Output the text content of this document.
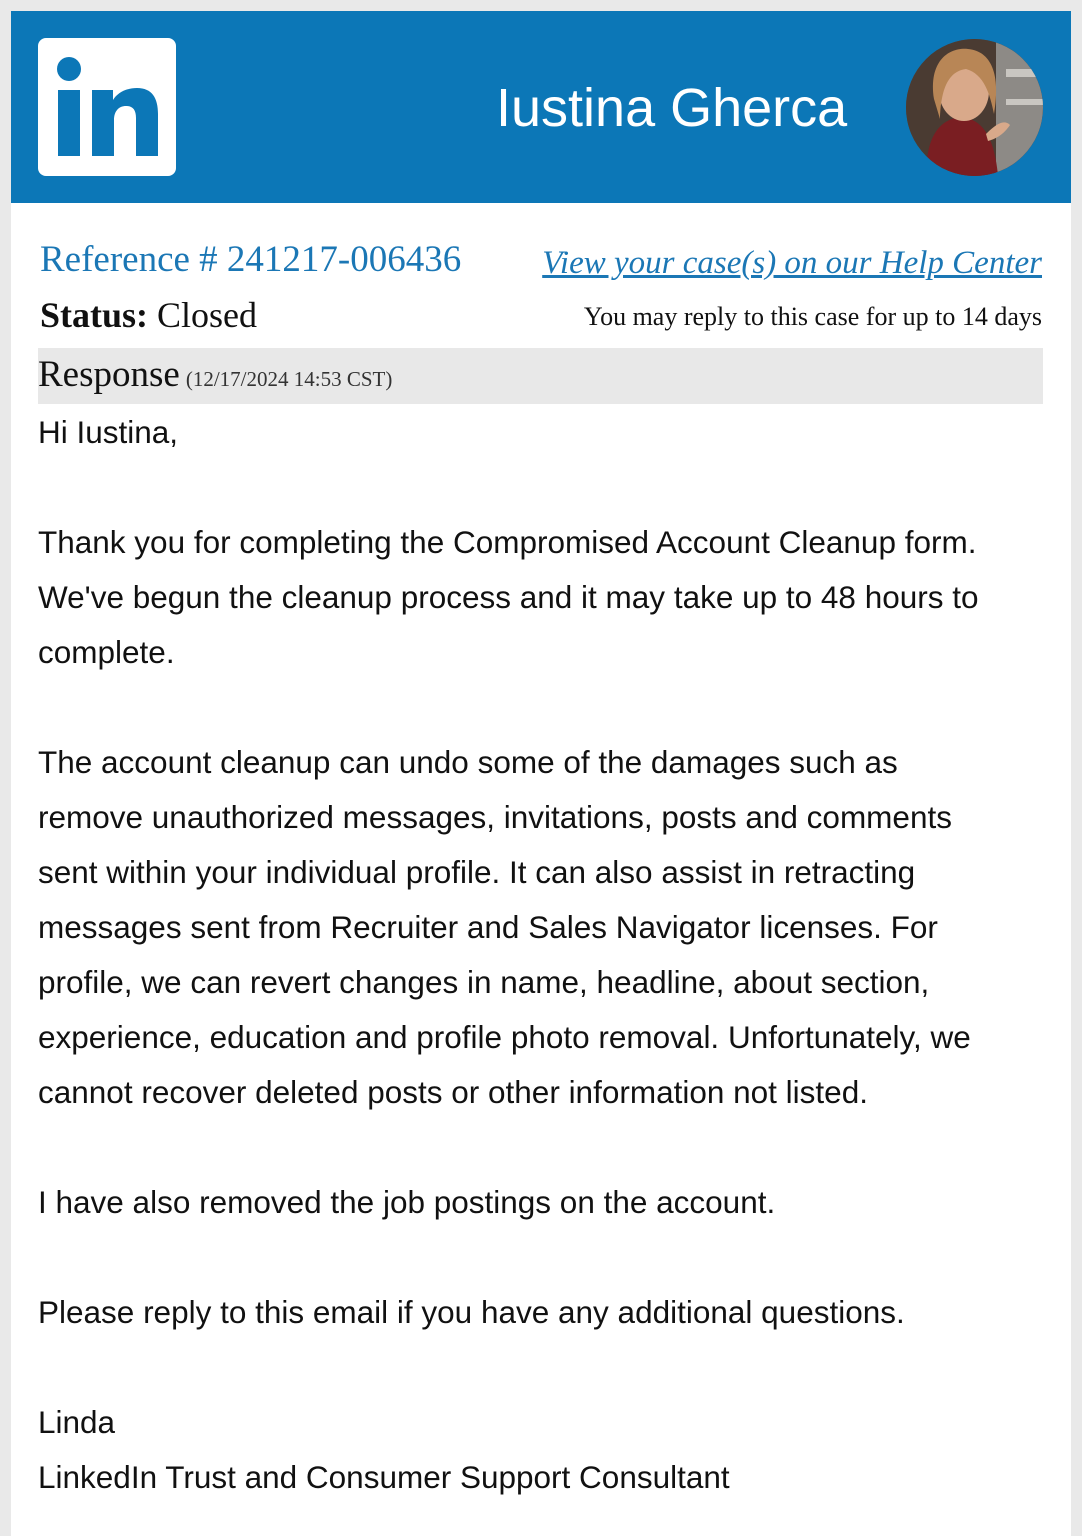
Iustina Gherca
Reference # 241217-006436 View your case(s) on our Help Center
Status: Closed	You may reply to this case for up to 14 days
Response (12/17/2024 14:53 CST)

Hi Iustina,

Thank you for completing the Compromised Account Cleanup form.
We've begun the cleanup process and it may take up to 48 hours to
complete.

The account cleanup can undo some of the damages such as
remove unauthorized messages, invitations, posts and comments
sent within your individual profile. It can also assist in retracting
messages sent from Recruiter and Sales Navigator licenses. For
profile, we can revert changes in name, headline, about section,
experience, education and profile photo removal. Unfortunately, we
cannot recover deleted posts or other information not listed.

I have also removed the job postings on the account.

Please reply to this email if you have any additional questions.

Linda

LinkedIn Trust and Consumer Support Consultant
